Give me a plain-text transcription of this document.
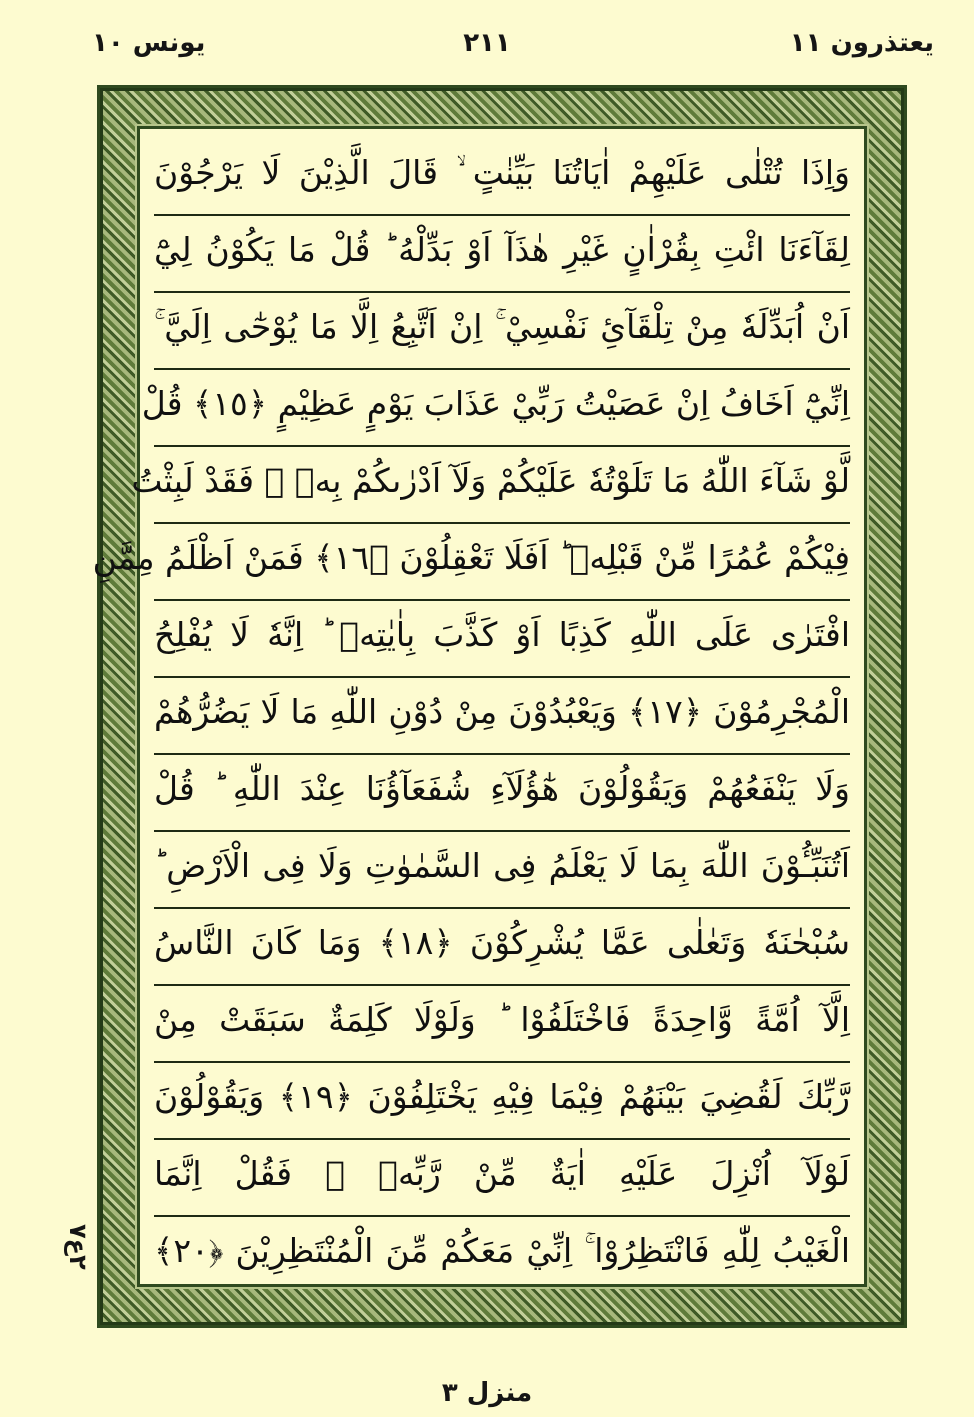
يونس ١٠	٢١١	يعتذرون ١١
وَاِذَا تُتْلٰى عَلَيْهِمْ اٰيَاتُنَا بَيِّنٰتٍ ۙ قَالَ الَّذِيْنَ لَا يَرْجُوْنَ
لِقَآءَنَا ائْتِ بِقُرْاٰنٍ غَيْرِ هٰذَآ اَوْ بَدِّلْهُ ؕ قُلْ مَا يَكُوْنُ لِيْٓ
اَنْ اُبَدِّلَهٗ مِنْ تِلْقَآئِ نَفْسِيْ ۚ اِنْ اَتَّبِعُ اِلَّا مَا يُوْحٰٓى اِلَيَّ ۚ
اِنِّيْٓ اَخَافُ اِنْ عَصَيْتُ رَبِّيْ عَذَابَ يَوْمٍ عَظِيْمٍ ﴿١٥﴾ قُلْ
لَّوْ شَآءَ اللّٰهُ مَا تَلَوْتُهٗ عَلَيْكُمْ وَلَآ اَدْرٰىكُمْ بِهٖ ۖ فَقَدْ لَبِثْتُ
فِيْكُمْ عُمُرًا مِّنْ قَبْلِهٖ ؕ اَفَلَا تَعْقِلُوْنَ ﴿١٦﴾ فَمَنْ اَظْلَمُ مِمَّنِ
افْتَرٰى عَلَى اللّٰهِ كَذِبًا اَوْ كَذَّبَ بِاٰيٰتِهٖ ؕ اِنَّهٗ لَا يُفْلِحُ
الْمُجْرِمُوْنَ ﴿١٧﴾ وَيَعْبُدُوْنَ مِنْ دُوْنِ اللّٰهِ مَا لَا يَضُرُّهُمْ
وَلَا يَنْفَعُهُمْ وَيَقُوْلُوْنَ هٰٓؤُلَآءِ شُفَعَآؤُنَا عِنْدَ اللّٰهِ ؕ قُلْ
اَتُنَبِّـُٔوْنَ اللّٰهَ بِمَا لَا يَعْلَمُ فِى السَّمٰوٰتِ وَلَا فِى الْاَرْضِ ؕ
سُبْحٰنَهٗ وَتَعٰلٰى عَمَّا يُشْرِكُوْنَ ﴿١٨﴾ وَمَا كَانَ النَّاسُ
اِلَّآ اُمَّةً وَّاحِدَةً فَاخْتَلَفُوْا ؕ وَلَوْلَا كَلِمَةٌ سَبَقَتْ مِنْ
رَّبِّكَ لَقُضِيَ بَيْنَهُمْ فِيْمَا فِيْهِ يَخْتَلِفُوْنَ ﴿١٩﴾ وَيَقُوْلُوْنَ
لَوْلَآ اُنْزِلَ عَلَيْهِ اٰيَةٌ مِّنْ رَّبِّهٖ ۚ فَقُلْ اِنَّمَا
الْغَيْبُ لِلّٰهِ فَانْتَظِرُوْا ۚ اِنِّيْ مَعَكُمْ مِّنَ الْمُنْتَظِرِيْنَ ﴿٢٠﴾
٢ع٧
منزل ٣
